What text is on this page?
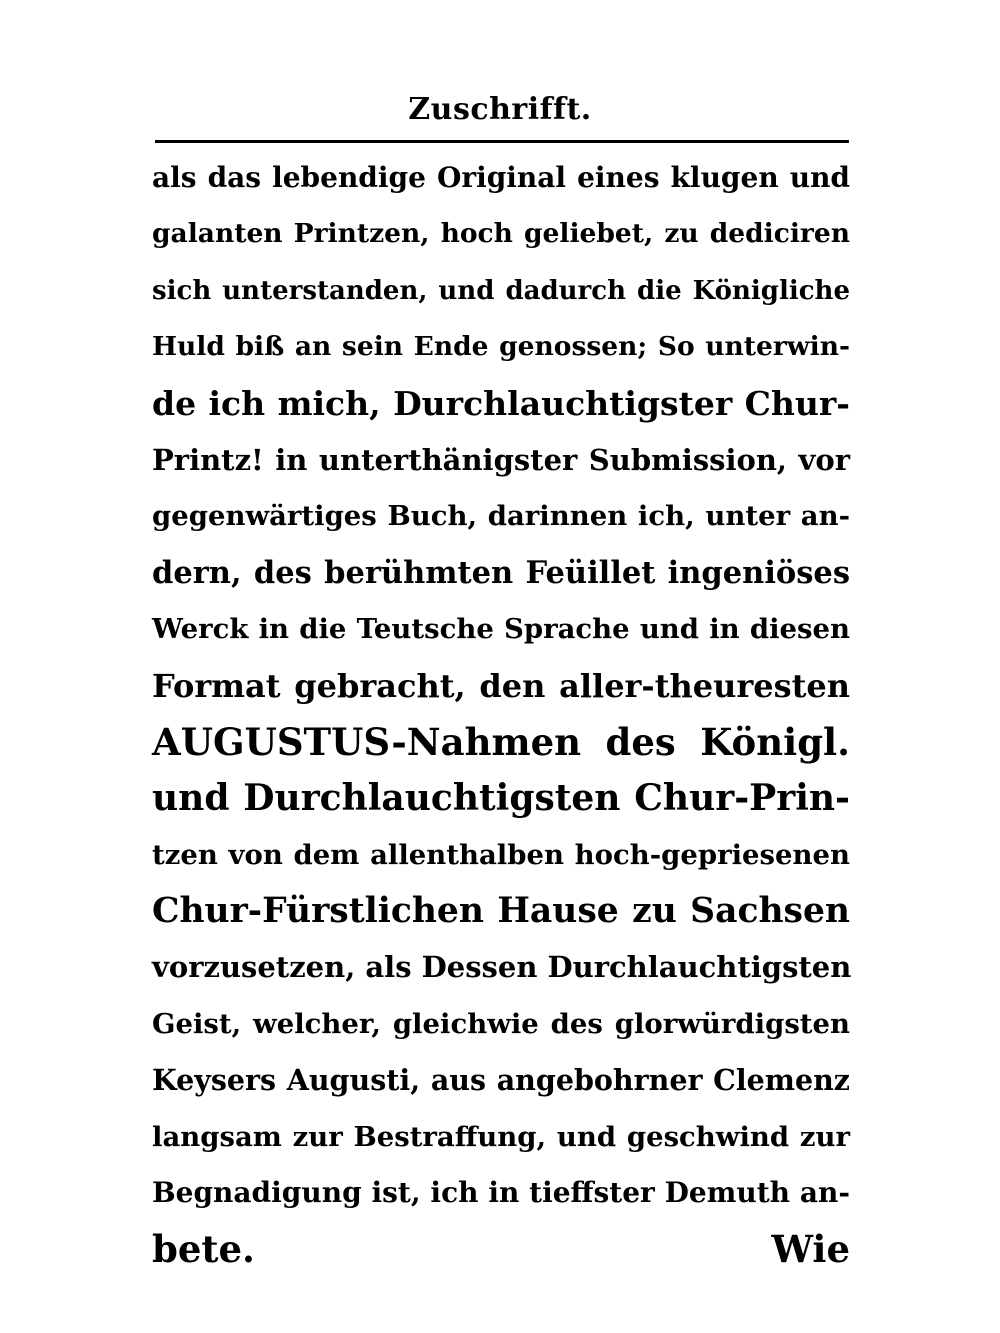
Zuschrifft.
als das lebendige Original eines klugen und
galanten Printzen, hoch geliebet, zu dediciren
sich unterstanden, und dadurch die Königliche
Huld biß an sein Ende genossen; So unterwin-
de ich mich, Durchlauchtigster Chur-
Printz! in unterthänigster Submission, vor
gegenwärtiges Buch, darinnen ich, unter an-
dern, des berühmten Feüillet ingeniöses
Werck in die Teutsche Sprache und in diesen
Format gebracht, den aller-theuresten
AUGUSTUS-Nahmen des Königl.
und Durchlauchtigsten Chur-Prin-
tzen von dem allenthalben hoch-gepriesenen
Chur-Fürstlichen Hause zu Sachsen
vorzusetzen, als Dessen Durchlauchtigsten
Geist, welcher, gleichwie des glorwürdigsten
Keysers Augusti, aus angebohrner Clemenz
langsam zur Bestraffung, und geschwind zur
Begnadigung ist, ich in tieffster Demuth an-
bete.	Wie
